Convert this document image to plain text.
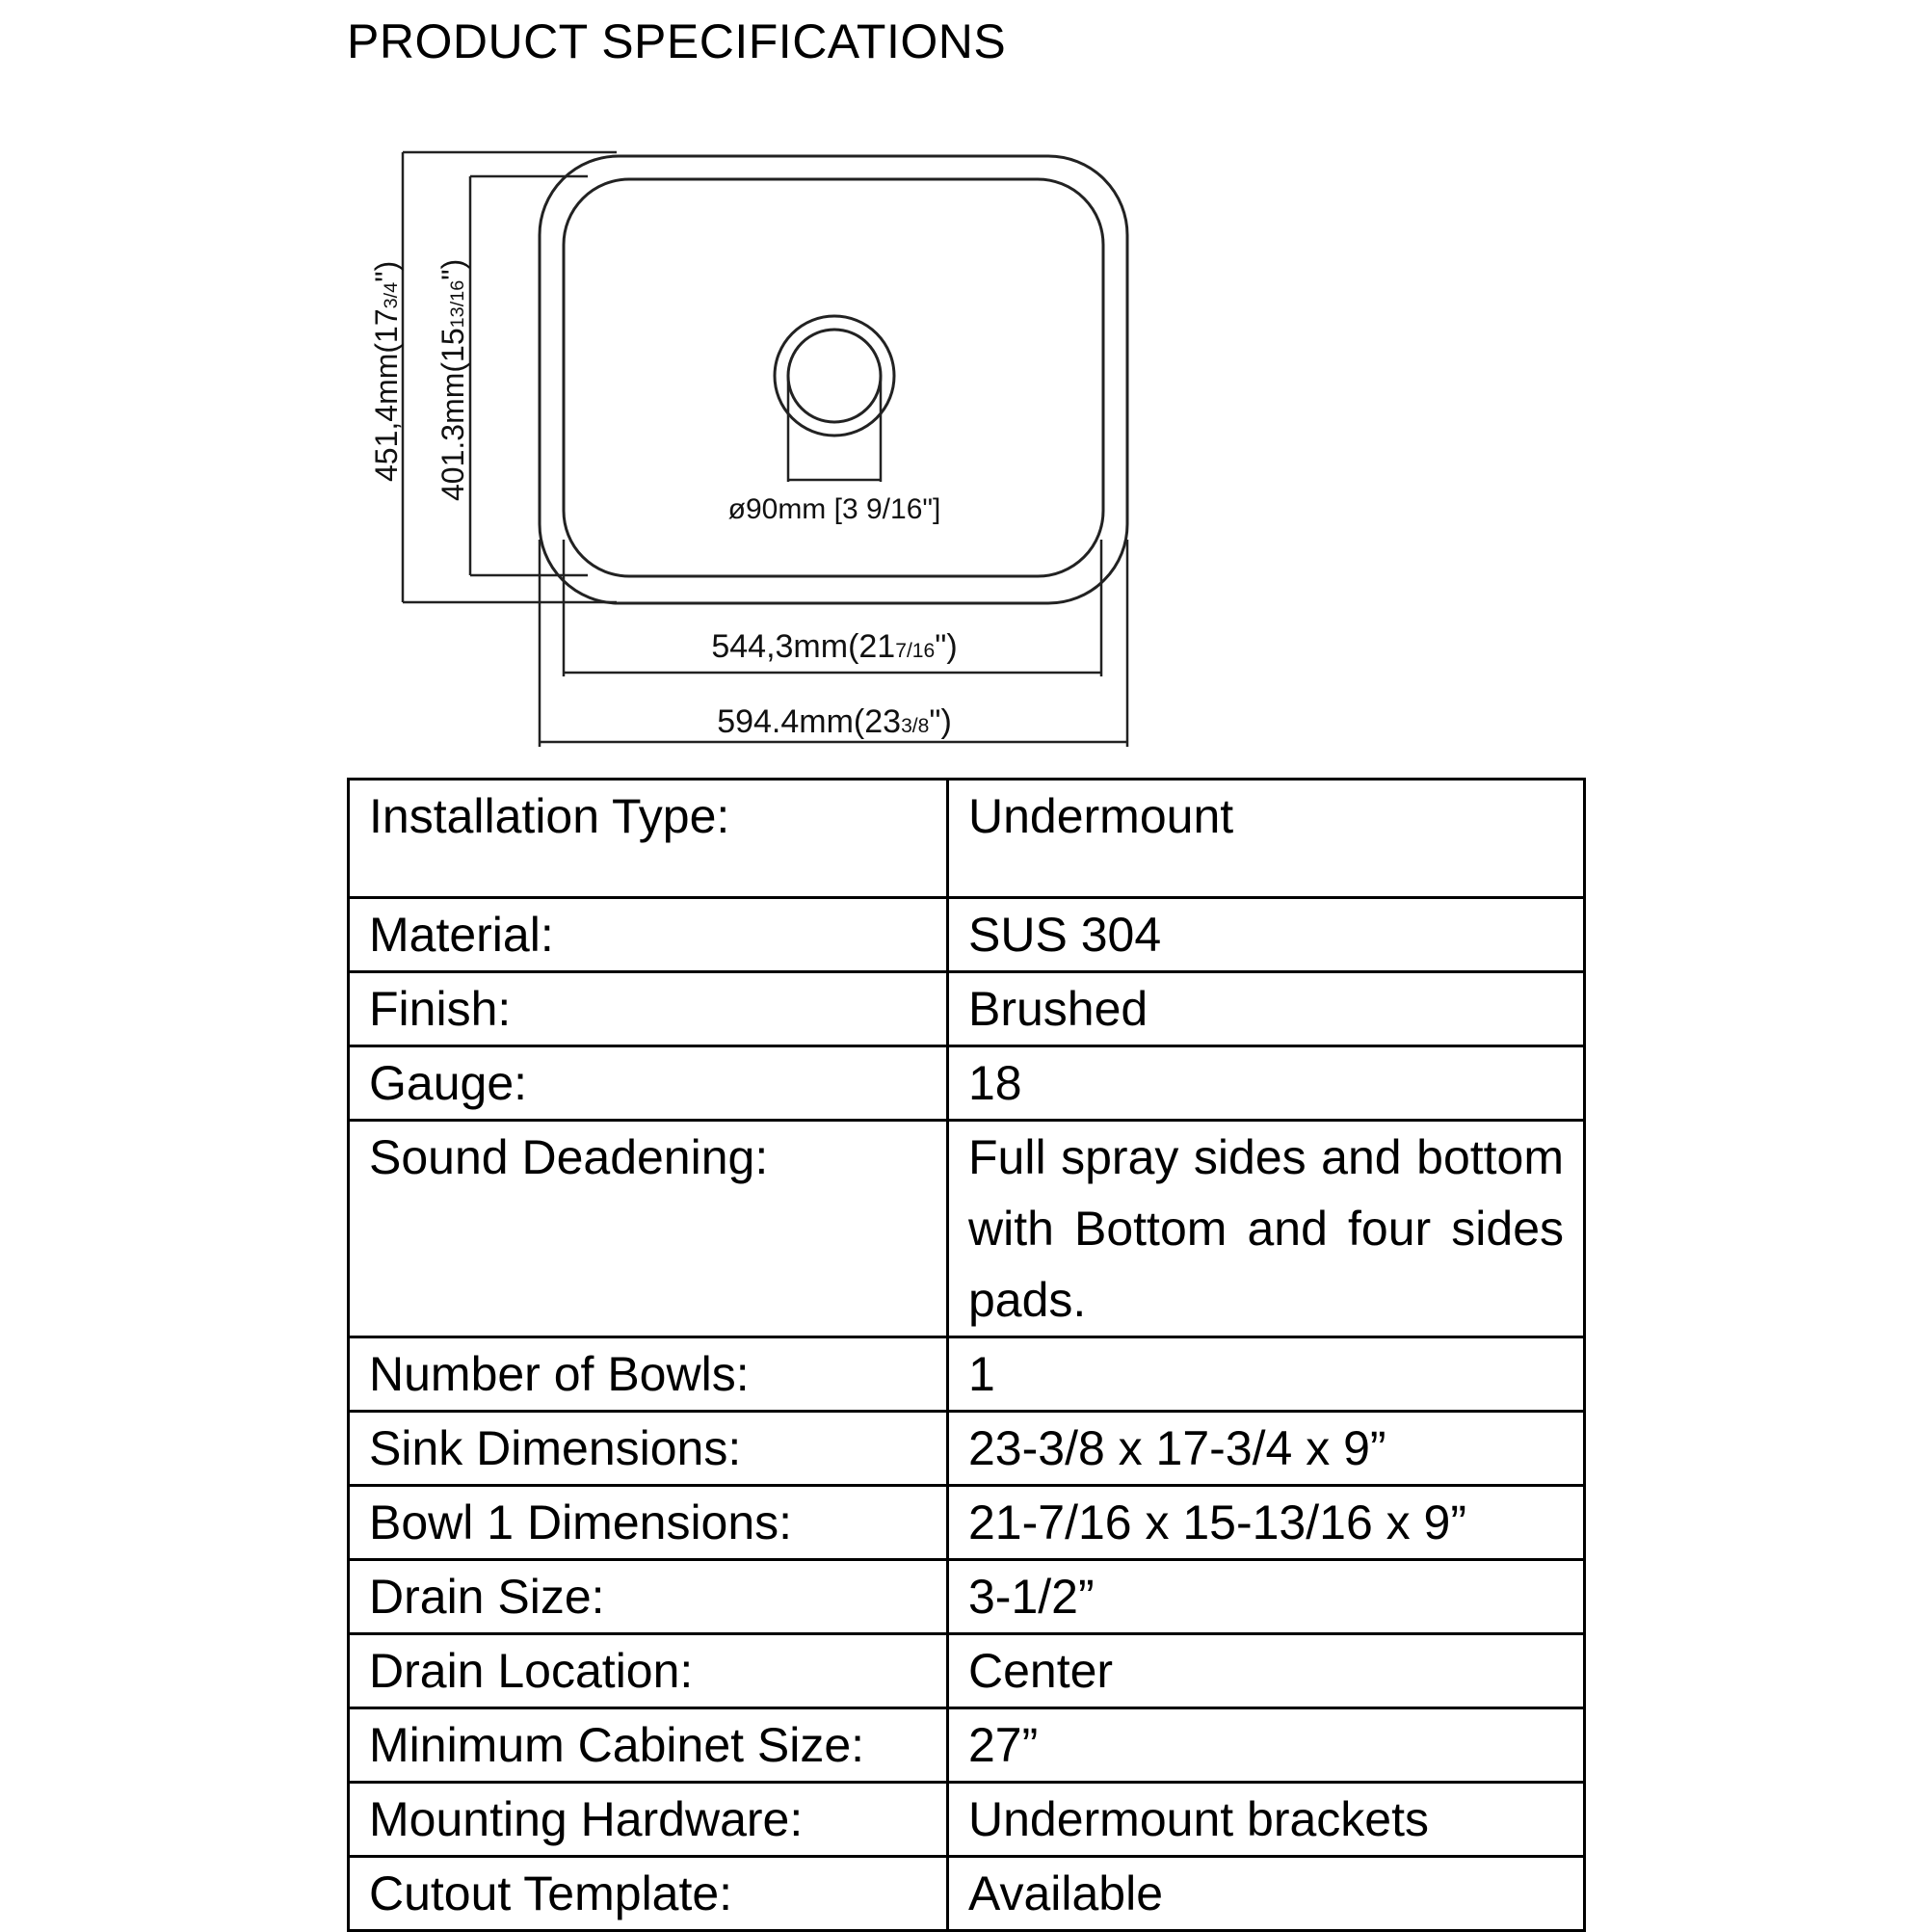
PRODUCT SPECIFICATIONS
ø90mm [3 9/16"]
451,4mm(173/4")
401.3mm(1513/16")
544,3mm(217/16")
594.4mm(233/8")
Installation Type:	Undermount
Material:	SUS 304
Finish:	Brushed
Gauge:	18
Sound Deadening:	Full spray sides and bottom with Bottom and four sides pads.
Number of Bowls:	1
Sink Dimensions:	23-3/8 x 17-3/4 x 9”
Bowl 1 Dimensions:	21-7/16 x 15-13/16 x 9”
Drain Size:	3-1/2”
Drain Location:	Center
Minimum Cabinet Size:	27”
Mounting Hardware:	Undermount brackets
Cutout Template:	Available
